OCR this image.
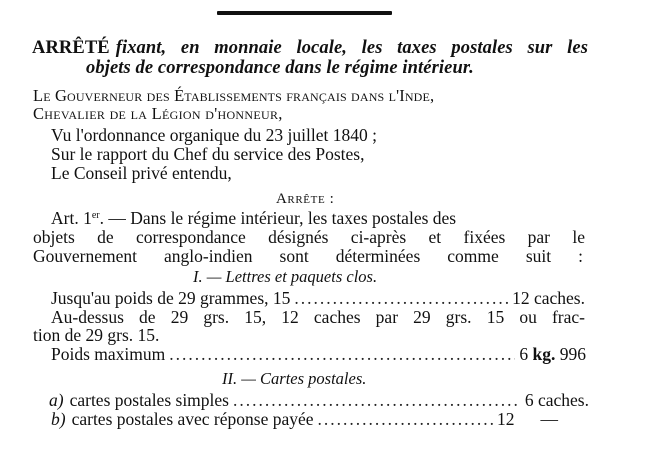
ARRÊTÉ fixant, en monnaie locale, les taxes postales sur les
objets de correspondance dans le régime intérieur.
Le Gouverneur des Établissements français dans l'Inde,
Chevalier de la Légion d'honneur,
Vu l'ordonnance organique du 23 juillet 1840 ;
Sur le rapport du Chef du service des Postes,
Le Conseil privé entendu,
Arrête :
Art. 1er. — Dans le régime intérieur, les taxes postales des
objets de correspondance désignés ci-après et fixées par le
Gouvernement anglo-indien sont déterminées comme suit :
I. — Lettres et paquets clos.
Jusqu'au poids de 29 grammes, 15 .....	12 caches.
Au-dessus de 29 grs. 15, 12 caches par 29 grs. 15 ou frac-
tion de 29 grs. 15.
Poids maximum .....	6 kg. 996
II. — Cartes postales.
a) cartes postales simples .....	6 caches.
b) cartes postales avec réponse payée .....	12 —
